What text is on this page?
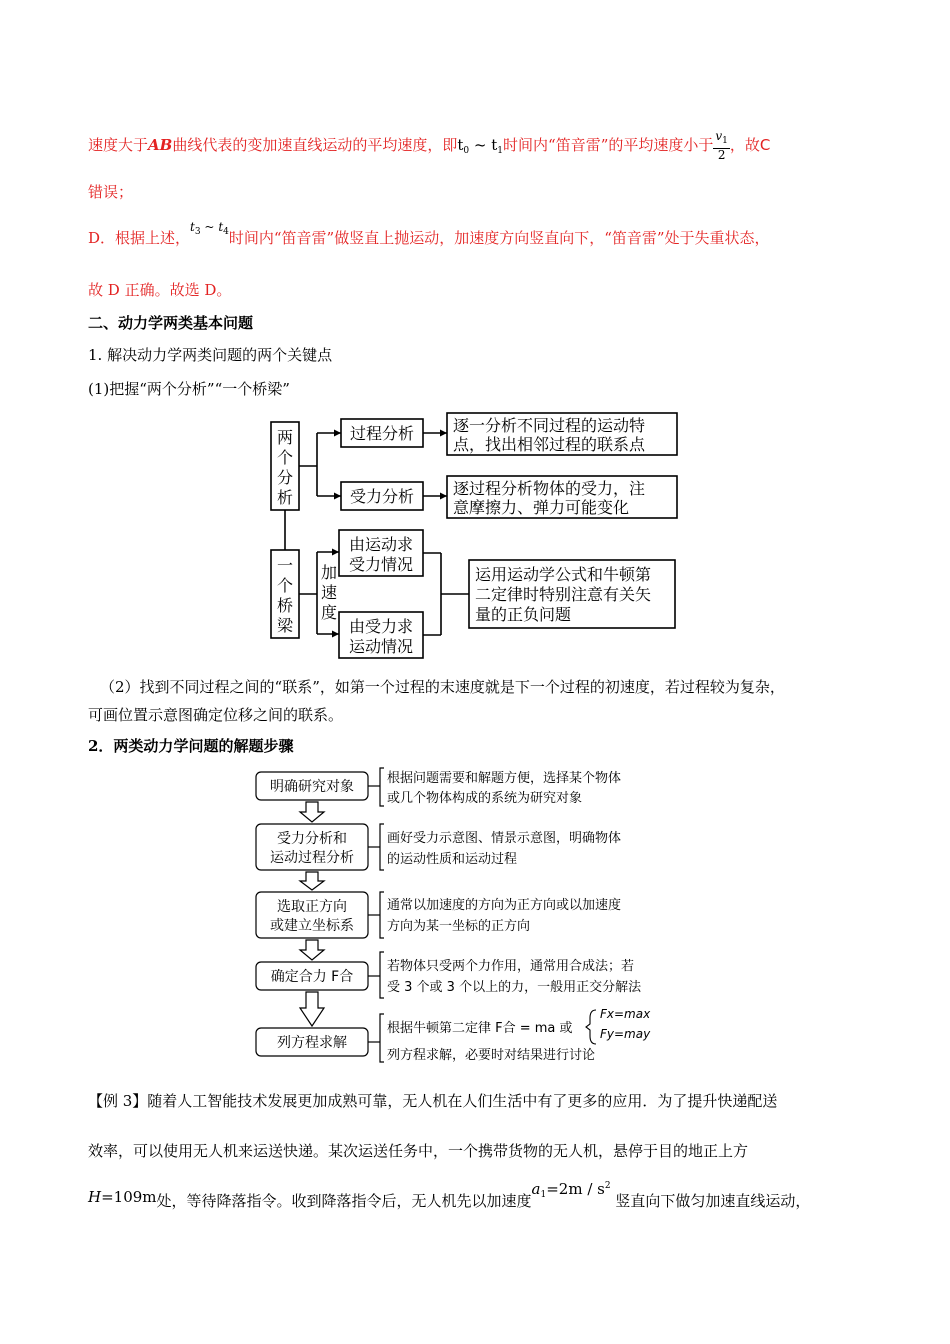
速度大于AB曲线代表的变加速直线运动的平均速度，即$t_0$ ~ $t_1$时间内“笛音雷”的平均速度小于 $\frac{v_1}{2}$ ，故C
错误；
D．根据上述，$^{t_3 \sim t_4}$时间内“笛音雷”做竖直上抛运动，加速度方向竖直向下，“笛音雷”处于失重状态，
故 D 正确。故选 D。
二、动力学两类基本问题
1. 解决动力学两类问题的两个关键点
(1)把握“两个分析”“一个桥梁”
两
个
分
析
一
个
桥
梁
加
速
度
过程分析
受力分析
逐一分析不同过程的运动特
点，找出相邻过程的联系点
逐过程分析物体的受力，注
意摩擦力、弹力可能变化
由运动求
受力情况
由受力求
运动情况
运用运动学公式和牛顿第
二定律时特别注意有关矢
量的正负问题
（2）找到不同过程之间的“联系”，如第一个过程的末速度就是下一个过程的初速度，若过程较为复杂，
可画位置示意图确定位移之间的联系。
2．两类动力学问题的解题步骤
明确研究对象
受力分析和
运动过程分析
选取正方向
或建立坐标系
确定合力 F合
列方程求解
根据问题需要和解题方便，选择某个物体
或几个物体构成的系统为研究对象
画好受力示意图、情景示意图，明确物体
的运动性质和运动过程
通常以加速度的方向为正方向或以加速度
方向为某一坐标的正方向
若物体只受两个力作用，通常用合成法；若
受 3 个或 3 个以上的力，一般用正交分解法
根据牛顿第二定律 F合 = ma 或
列方程求解，必要时对结果进行讨论
Fx=max
Fy=may
【例 3】随着人工智能技术发展更加成熟可靠，无人机在人们生活中有了更多的应用．为了提升快递配送
效率，可以使用无人机来运送快递。某次运送任务中，一个携带货物的无人机，悬停于目的地正上方
H=109m处，等待降落指令。收到降落指令后，无人机先以加速度$a_1=2m / s^2$ 竖直向下做匀加速直线运动，
